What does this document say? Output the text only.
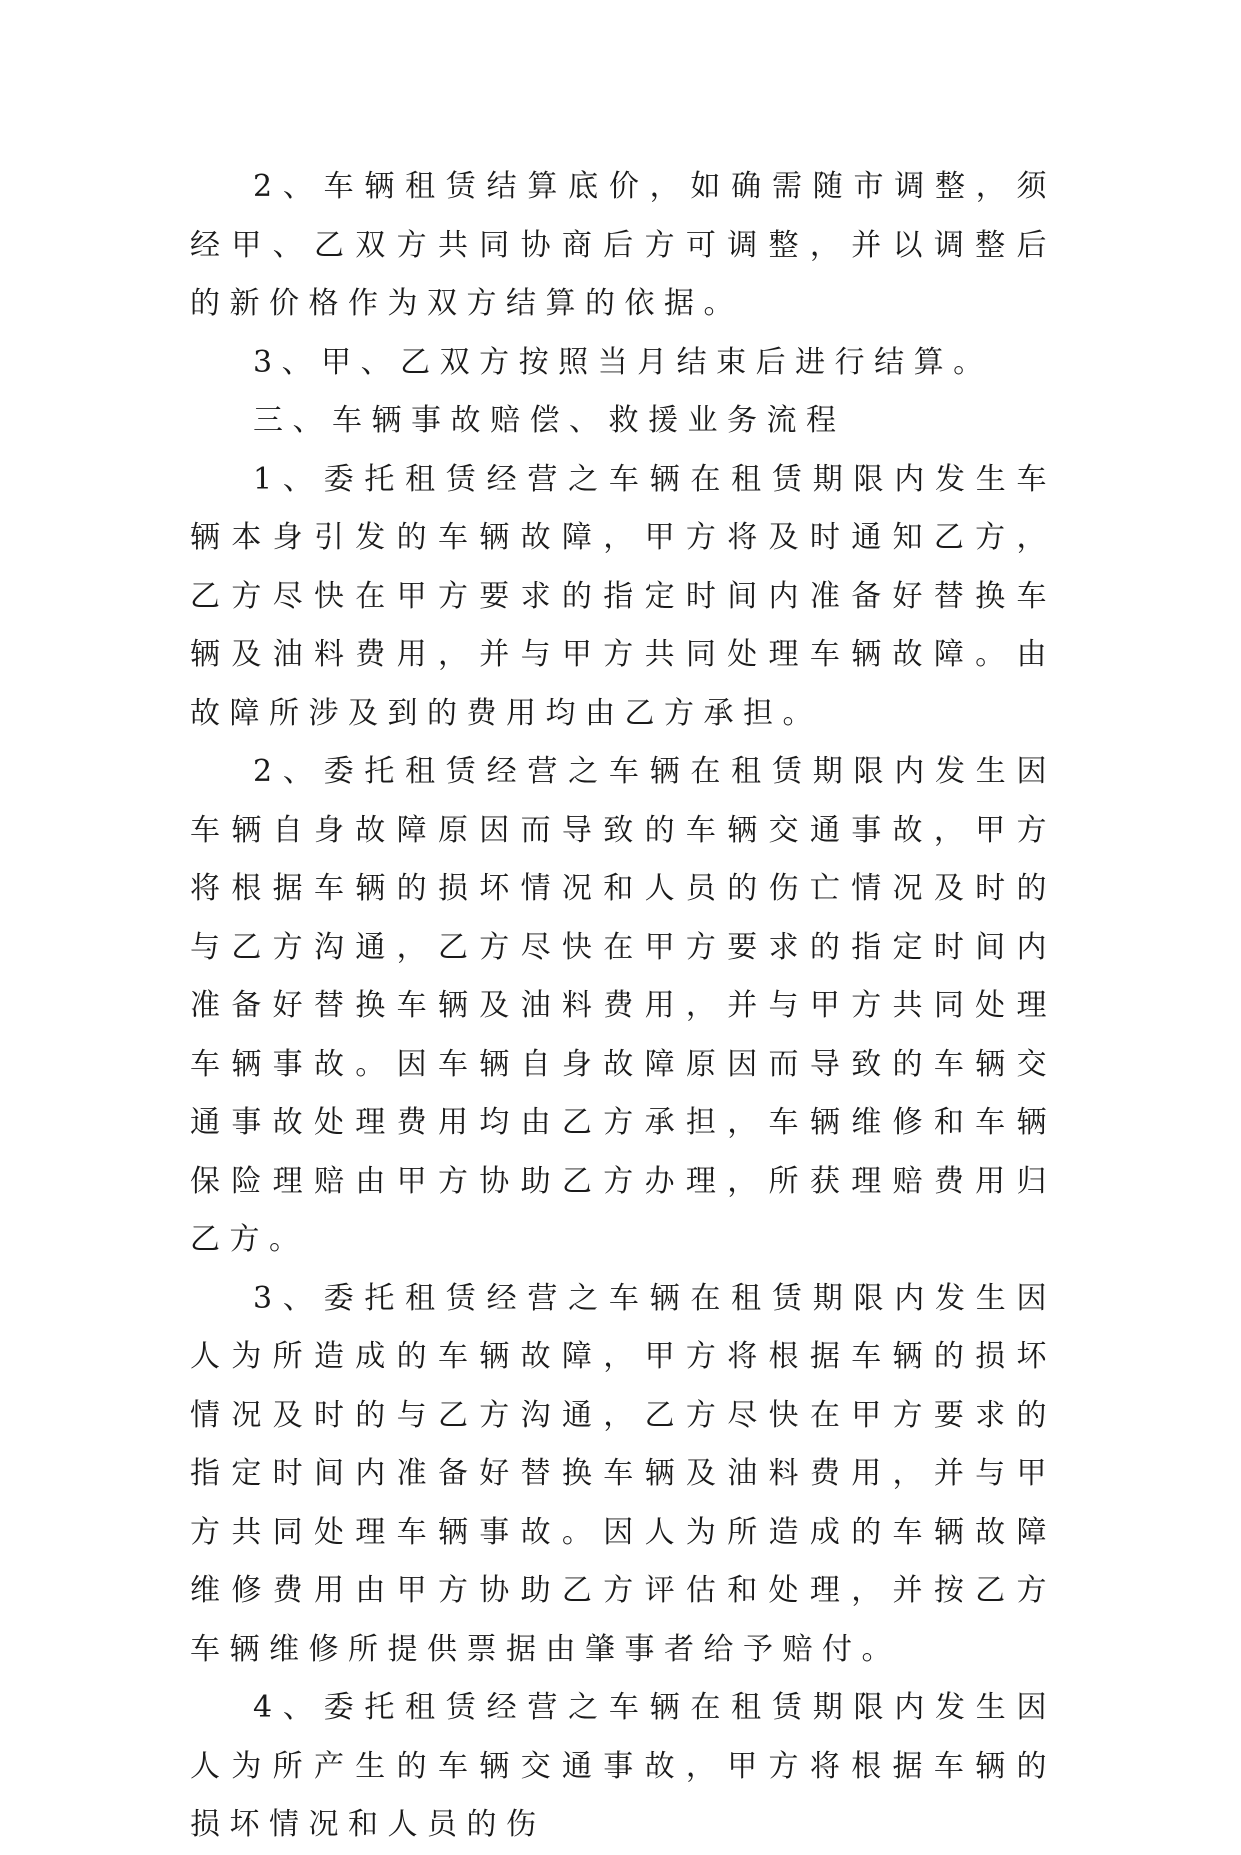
2、车辆租赁结算底价，如确需随市调整，须经甲、乙双方共同协商后方可调整，并以调整后的新价格作为双方结算的依据。

3、甲、乙双方按照当月结束后进行结算。

三、车辆事故赔偿、救援业务流程

1、委托租赁经营之车辆在租赁期限内发生车辆本身引发的车辆故障，甲方将及时通知乙方，乙方尽快在甲方要求的指定时间内准备好替换车辆及油料费用，并与甲方共同处理车辆故障。由故障所涉及到的费用均由乙方承担。

2、委托租赁经营之车辆在租赁期限内发生因车辆自身故障原因而导致的车辆交通事故，甲方将根据车辆的损坏情况和人员的伤亡情况及时的与乙方沟通，乙方尽快在甲方要求的指定时间内准备好替换车辆及油料费用，并与甲方共同处理车辆事故。因车辆自身故障原因而导致的车辆交通事故处理费用均由乙方承担，车辆维修和车辆保险理赔由甲方协助乙方办理，所获理赔费用归乙方。

3、委托租赁经营之车辆在租赁期限内发生因人为所造成的车辆故障，甲方将根据车辆的损坏情况及时的与乙方沟通，乙方尽快在甲方要求的指定时间内准备好替换车辆及油料费用，并与甲方共同处理车辆事故。因人为所造成的车辆故障维修费用由甲方协助乙方评估和处理，并按乙方车辆维修所提供票据由肇事者给予赔付。

4、委托租赁经营之车辆在租赁期限内发生因人为所产生的车辆交通事故，甲方将根据车辆的损坏情况和人员的伤
